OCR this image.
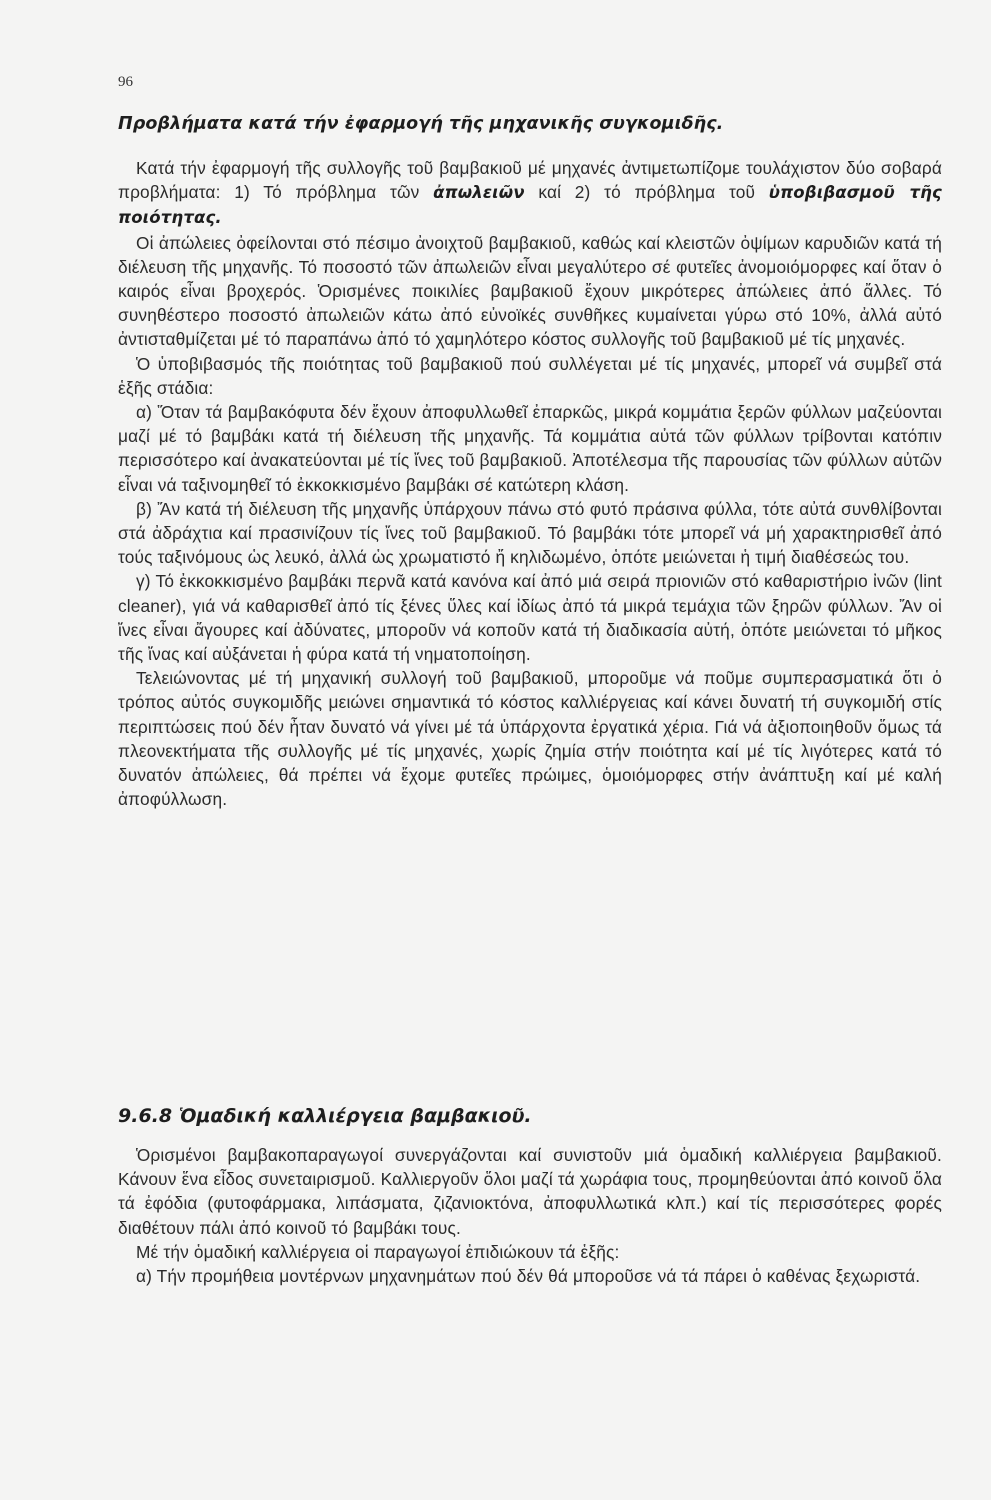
96
Προβλήματα κατά τήν ἐφαρμογή τῆς μηχανικῆς συγκομιδῆς.

Κατά τήν ἐφαρμογή τῆς συλλογῆς τοῦ βαμβακιοῦ μέ μηχανές ἀντιμετωπίζομε τουλάχιστον δύο σοβαρά προβλήματα: 1) Τό πρόβλημα τῶν ἀπωλειῶν καί 2) τό πρόβλημα τοῦ ὑποβιβασμοῦ τῆς ποιότητας.

Οἱ ἀπώλειες ὀφείλονται στό πέσιμο ἀνοιχτοῦ βαμβακιοῦ, καθώς καί κλειστῶν ὀψίμων καρυδιῶν κατά τή διέλευση τῆς μηχανῆς. Τό ποσοστό τῶν ἀπωλειῶν εἶναι μεγαλύτερο σέ φυτεῖες ἀνομοιόμορφες καί ὅταν ὁ καιρός εἶναι βροχερός. Ὁρισμένες ποικιλίες βαμβακιοῦ ἔχουν μικρότερες ἀπώλειες ἀπό ἄλλες. Τό συνηθέστερο ποσοστό ἀπωλειῶν κάτω ἀπό εὐνοϊκές συνθῆκες κυμαίνεται γύρω στό 10%, ἀλλά αὐτό ἀντισταθμίζεται μέ τό παραπάνω ἀπό τό χαμηλότερο κόστος συλλογῆς τοῦ βαμβακιοῦ μέ τίς μηχανές.

Ὁ ὑποβιβασμός τῆς ποιότητας τοῦ βαμβακιοῦ πού συλλέγεται μέ τίς μηχανές, μπορεῖ νά συμβεῖ στά ἑξῆς στάδια:

α) Ὅταν τά βαμβακόφυτα δέν ἔχουν ἀποφυλλωθεῖ ἐπαρκῶς, μικρά κομμάτια ξερῶν φύλλων μαζεύονται μαζί μέ τό βαμβάκι κατά τή διέλευση τῆς μηχανῆς. Τά κομμάτια αὐτά τῶν φύλλων τρίβονται κατόπιν περισσότερο καί ἀνακατεύονται μέ τίς ἴνες τοῦ βαμβακιοῦ. Ἀποτέλεσμα τῆς παρουσίας τῶν φύλλων αὐτῶν εἶναι νά ταξινομηθεῖ τό ἐκκοκκισμένο βαμβάκι σέ κατώτερη κλάση.

β) Ἄν κατά τή διέλευση τῆς μηχανῆς ὑπάρχουν πάνω στό φυτό πράσινα φύλλα, τότε αὐτά συνθλίβονται στά ἀδράχτια καί πρασινίζουν τίς ἴνες τοῦ βαμβακιοῦ. Τό βαμβάκι τότε μπορεῖ νά μή χαρακτηρισθεῖ ἀπό τούς ταξινόμους ὡς λευκό, ἀλλά ὡς χρωματιστό ἤ κηλιδωμένο, ὁπότε μειώνεται ἡ τιμή διαθέσεώς του.

γ) Τό ἐκκοκκισμένο βαμβάκι περνᾶ κατά κανόνα καί ἀπό μιά σειρά πριονιῶν στό καθαριστήριο ἰνῶν (lint cleaner), γιά νά καθαρισθεῖ ἀπό τίς ξένες ὕλες καί ἰδίως ἀπό τά μικρά τεμάχια τῶν ξηρῶν φύλλων. Ἄν οἱ ἴνες εἶναι ἄγουρες καί ἀδύνατες, μποροῦν νά κοποῦν κατά τή διαδικασία αὐτή, ὁπότε μειώνεται τό μῆκος τῆς ἴνας καί αὐξάνεται ἡ φύρα κατά τή νηματοποίηση.

Τελειώνοντας μέ τή μηχανική συλλογή τοῦ βαμβακιοῦ, μποροῦμε νά ποῦμε συμπερασματικά ὅτι ὁ τρόπος αὐτός συγκομιδῆς μειώνει σημαντικά τό κόστος καλλιέργειας καί κάνει δυνατή τή συγκομιδή στίς περιπτώσεις πού δέν ἦταν δυνατό νά γίνει μέ τά ὑπάρχοντα ἐργατικά χέρια. Γιά νά ἀξιοποιηθοῦν ὅμως τά πλεονεκτήματα τῆς συλλογῆς μέ τίς μηχανές, χωρίς ζημία στήν ποιότητα καί μέ τίς λιγότερες κατά τό δυνατόν ἀπώλειες, θά πρέπει νά ἔχομε φυτεῖες πρώιμες, ὁμοιόμορφες στήν ἀνάπτυξη καί μέ καλή ἀποφύλλωση.

9.6.8 Ὁμαδική καλλιέργεια βαμβακιοῦ.

Ὁρισμένοι βαμβακοπαραγωγοί συνεργάζονται καί συνιστοῦν μιά ὁμαδική καλλιέργεια βαμβακιοῦ. Κάνουν ἕνα εἶδος συνεταιρισμοῦ. Καλλιεργοῦν ὅλοι μαζί τά χωράφια τους, προμηθεύονται ἀπό κοινοῦ ὅλα τά ἐφόδια (φυτοφάρμακα, λιπάσματα, ζιζανιοκτόνα, ἀποφυλλωτικά κλπ.) καί τίς περισσότερες φορές διαθέτουν πάλι ἀπό κοινοῦ τό βαμβάκι τους.

Μέ τήν ὁμαδική καλλιέργεια οἱ παραγωγοί ἐπιδιώκουν τά ἑξῆς:

α) Τήν προμήθεια μοντέρνων μηχανημάτων πού δέν θά μποροῦσε νά τά πάρει ὁ καθένας ξεχωριστά.
